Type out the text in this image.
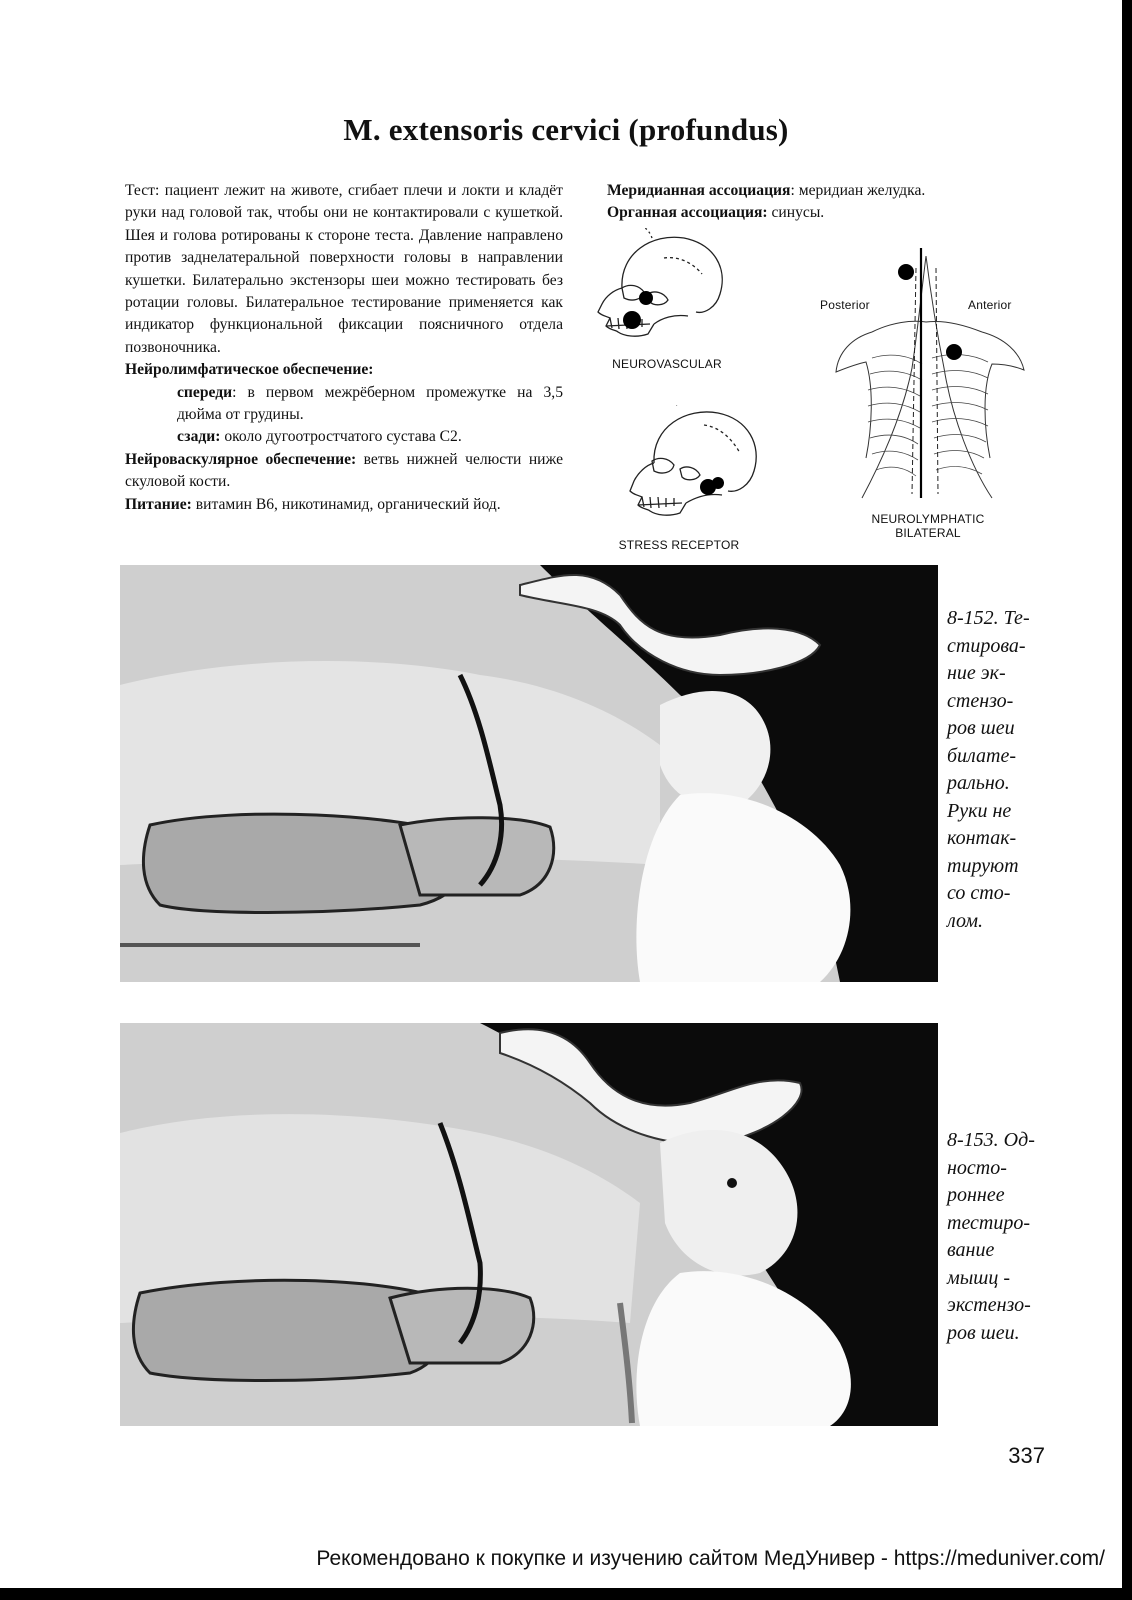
M. extensoris cervici (profundus)

Тест: пациент лежит на животе, сгибает плечи и локти и кладёт руки над головой так, чтобы они не контактировали с кушеткой. Шея и голова ротированы к стороне теста. Давление направлено против заднелатеральной поверхности головы в направлении кушетки. Билатерально экстензоры шеи можно тестировать без ротации головы. Билатеральное тестирование применяется как индикатор функциональной фиксации поясничного отдела позвоночника.

Нейролимфатическое обеспечение:

спереди: в первом межрёберном промежутке на 3,5 дюйма от грудины.

сзади: около дугоотростчатого сустава С2.

Нейроваскулярное обеспечение: ветвь нижней челюсти ниже скуловой кости.

Питание: витамин В6, никотинамид, органический йод.

Меридианная ассоциация: меридиан желудка.

Органная ассоциация: синусы.

NEUROVASCULAR
STRESS RECEPTOR
Posterior	Anterior
NEUROLYMPHATIC
BILATERAL
8-152. Те-
стирова-
ние эк-
стензо-
ров шеи
билате-
рально.
Руки не
контак-
тируют
со сто-
лом.
8-153. Од-
носто-
роннее
тестиро-
вание
мышц -
экстензо-
ров шеи.
337
Рекомендовано к покупке и изучению сайтом МедУнивер - https://meduniver.com/
